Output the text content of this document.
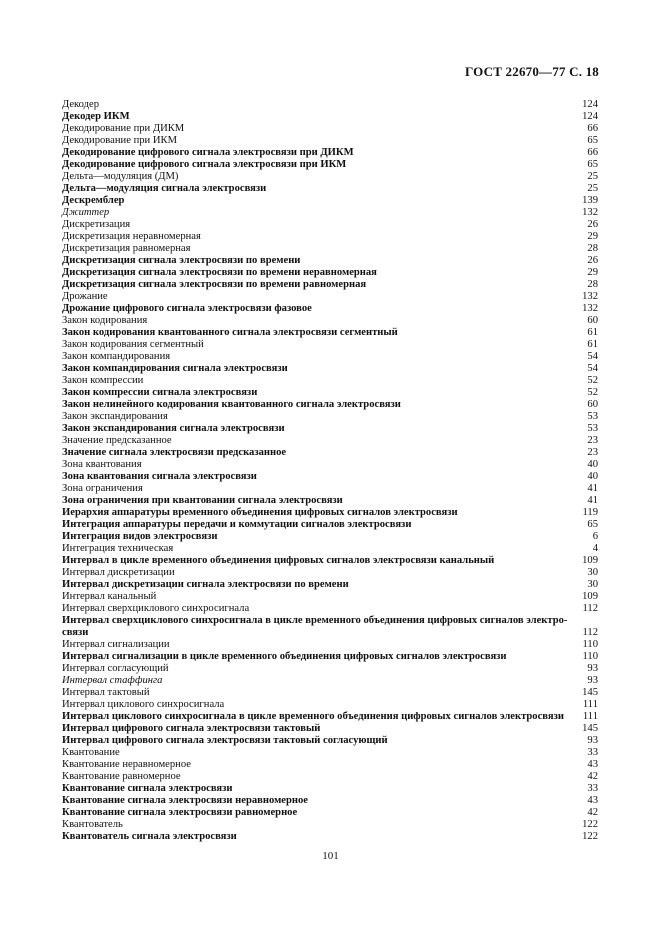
ГОСТ 22670—77 С. 18
Декодер	124
Декодер ИКМ	124
Декодирование при ДИКМ	66
Декодирование при ИКМ	65
Декодирование цифрового сигнала электросвязи при ДИКМ	66
Декодирование цифрового сигнала электросвязи при ИКМ	65
Дельта—модуляция (ДМ)	25
Дельта—модуляция сигнала электросвязи	25
Дескремблер	139
Джиттер	132
Дискретизация	26
Дискретизация неравномерная	29
Дискретизация равномерная	28
Дискретизация сигнала электросвязи по времени	26
Дискретизация сигнала электросвязи по времени неравномерная	29
Дискретизация сигнала электросвязи по времени равномерная	28
Дрожание	132
Дрожание цифрового сигнала электросвязи фазовое	132
Закон кодирования	60
Закон кодирования квантованного сигнала электросвязи сегментный	61
Закон кодирования сегментный	61
Закон компандирования	54
Закон компандирования сигнала электросвязи	54
Закон компрессии	52
Закон компрессии сигнала электросвязи	52
Закон нелинейного кодирования квантованного сигнала электросвязи	60
Закон экспандирования	53
Закон экспандирования сигнала электросвязи	53
Значение предсказанное	23
Значение сигнала электросвязи предсказанное	23
Зона квантования	40
Зона квантования сигнала электросвязи	40
Зона ограничения	41
Зона ограничения при квантовании сигнала электросвязи	41
Иерархия аппаратуры временного объединения цифровых сигналов электросвязи	119
Интеграция аппаратуры передачи и коммутации сигналов электросвязи	65
Интеграция видов электросвязи	6
Интеграция техническая	4
Интервал в цикле временного объединения цифровых сигналов электросвязи канальный	109
Интервал дискретизации	30
Интервал дискретизации сигнала электросвязи по времени	30
Интервал канальный	109
Интервал сверхциклового синхросигнала	112
Интервал сверхциклового синхросигнала в цикле временного объединения цифровых сигналов электро-
связи	112
Интервал сигнализации	110
Интервал сигнализации в цикле временного объединения цифровых сигналов электросвязи	110
Интервал согласующий	93
Интервал стаффинга	93
Интервал тактовый	145
Интервал циклового синхросигнала	111
Интервал циклового синхросигнала в цикле временного объединения цифровых сигналов электросвязи	111
Интервал цифрового сигнала электросвязи тактовый	145
Интервал цифрового сигнала электросвязи тактовый согласующий	93
Квантование	33
Квантование неравномерное	43
Квантование равномерное	42
Квантование сигнала электросвязи	33
Квантование сигнала электросвязи неравномерное	43
Квантование сигнала электросвязи равномерное	42
Квантователь	122
Квантователь сигнала электросвязи	122
101
